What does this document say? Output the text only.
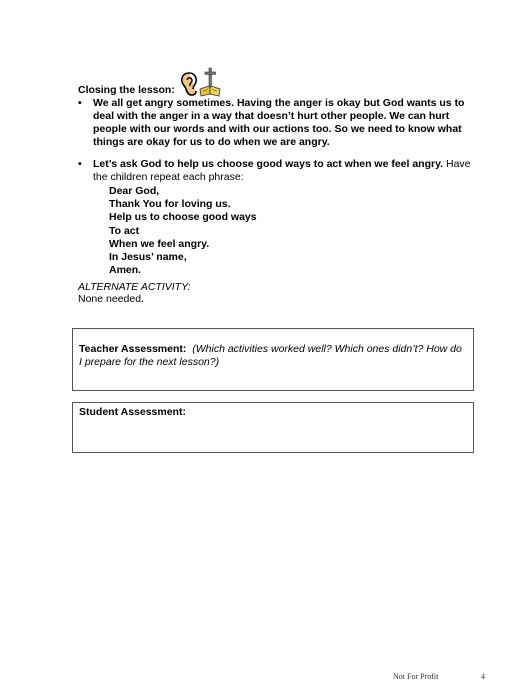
Closing the lesson:
• We all get angry sometimes. Having the anger is okay but God wants us to deal with the anger in a way that doesn’t hurt other people. We can hurt people with our words and with our actions too. So we need to know what things are okay for us to do when we are angry.
• Let’s ask God to help us choose good ways to act when we feel angry. Have the children repeat each phrase:
Dear God,
Thank You for loving us.
Help us to choose good ways
To act
When we feel angry.
In Jesus’ name,
Amen.
ALTERNATE ACTIVITY:
None needed.
Teacher Assessment: (Which activities worked well? Which ones didn’t? How do I prepare for the next lesson?)
Student Assessment:
Not For Profit	4
